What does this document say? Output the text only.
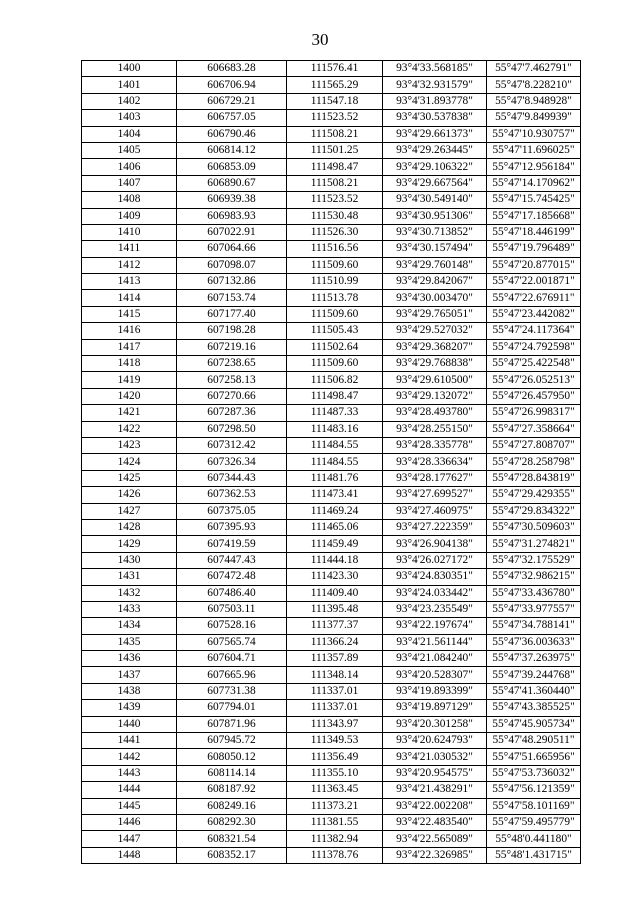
30
1400	606683.28	111576.41	93°4'33.568185"	55°47'7.462791"
1401	606706.94	111565.29	93°4'32.931579"	55°47'8.228210"
1402	606729.21	111547.18	93°4'31.893778"	55°47'8.948928"
1403	606757.05	111523.52	93°4'30.537838"	55°47'9.849939"
1404	606790.46	111508.21	93°4'29.661373"	55°47'10.930757"
1405	606814.12	111501.25	93°4'29.263445"	55°47'11.696025"
1406	606853.09	111498.47	93°4'29.106322"	55°47'12.956184"
1407	606890.67	111508.21	93°4'29.667564"	55°47'14.170962"
1408	606939.38	111523.52	93°4'30.549140"	55°47'15.745425"
1409	606983.93	111530.48	93°4'30.951306"	55°47'17.185668"
1410	607022.91	111526.30	93°4'30.713852"	55°47'18.446199"
1411	607064.66	111516.56	93°4'30.157494"	55°47'19.796489"
1412	607098.07	111509.60	93°4'29.760148"	55°47'20.877015"
1413	607132.86	111510.99	93°4'29.842067"	55°47'22.001871"
1414	607153.74	111513.78	93°4'30.003470"	55°47'22.676911"
1415	607177.40	111509.60	93°4'29.765051"	55°47'23.442082"
1416	607198.28	111505.43	93°4'29.527032"	55°47'24.117364"
1417	607219.16	111502.64	93°4'29.368207"	55°47'24.792598"
1418	607238.65	111509.60	93°4'29.768838"	55°47'25.422548"
1419	607258.13	111506.82	93°4'29.610500"	55°47'26.052513"
1420	607270.66	111498.47	93°4'29.132072"	55°47'26.457950"
1421	607287.36	111487.33	93°4'28.493780"	55°47'26.998317"
1422	607298.50	111483.16	93°4'28.255150"	55°47'27.358664"
1423	607312.42	111484.55	93°4'28.335778"	55°47'27.808707"
1424	607326.34	111484.55	93°4'28.336634"	55°47'28.258798"
1425	607344.43	111481.76	93°4'28.177627"	55°47'28.843819"
1426	607362.53	111473.41	93°4'27.699527"	55°47'29.429355"
1427	607375.05	111469.24	93°4'27.460975"	55°47'29.834322"
1428	607395.93	111465.06	93°4'27.222359"	55°47'30.509603"
1429	607419.59	111459.49	93°4'26.904138"	55°47'31.274821"
1430	607447.43	111444.18	93°4'26.027172"	55°47'32.175529"
1431	607472.48	111423.30	93°4'24.830351"	55°47'32.986215"
1432	607486.40	111409.40	93°4'24.033442"	55°47'33.436780"
1433	607503.11	111395.48	93°4'23.235549"	55°47'33.977557"
1434	607528.16	111377.37	93°4'22.197674"	55°47'34.788141"
1435	607565.74	111366.24	93°4'21.561144"	55°47'36.003633"
1436	607604.71	111357.89	93°4'21.084240"	55°47'37.263975"
1437	607665.96	111348.14	93°4'20.528307"	55°47'39.244768"
1438	607731.38	111337.01	93°4'19.893399"	55°47'41.360440"
1439	607794.01	111337.01	93°4'19.897129"	55°47'43.385525"
1440	607871.96	111343.97	93°4'20.301258"	55°47'45.905734"
1441	607945.72	111349.53	93°4'20.624793"	55°47'48.290511"
1442	608050.12	111356.49	93°4'21.030532"	55°47'51.665956"
1443	608114.14	111355.10	93°4'20.954575"	55°47'53.736032"
1444	608187.92	111363.45	93°4'21.438291"	55°47'56.121359"
1445	608249.16	111373.21	93°4'22.002208"	55°47'58.101169"
1446	608292.30	111381.55	93°4'22.483540"	55°47'59.495779"
1447	608321.54	111382.94	93°4'22.565089"	55°48'0.441180"
1448	608352.17	111378.76	93°4'22.326985"	55°48'1.431715"
